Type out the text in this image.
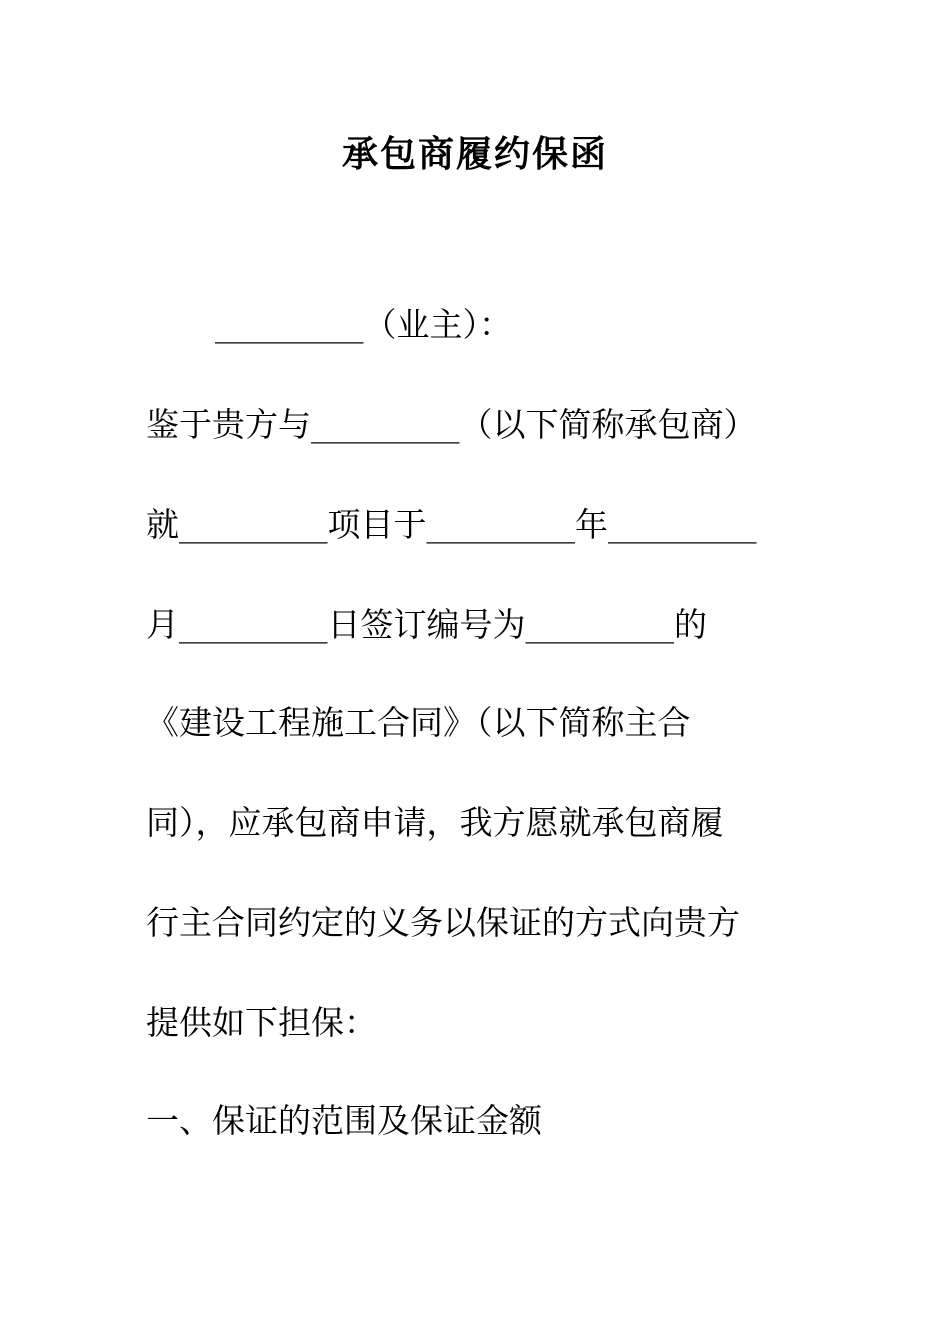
承包商履约保函
_________（业主）：
鉴于贵方与_________（以下简称承包商）
就_________项目于_________年_________
月_________日签订编号为_________的
《建设工程施工合同》（以下简称主合
同），应承包商申请，我方愿就承包商履
行主合同约定的义务以保证的方式向贵方
提供如下担保：
一、保证的范围及保证金额
